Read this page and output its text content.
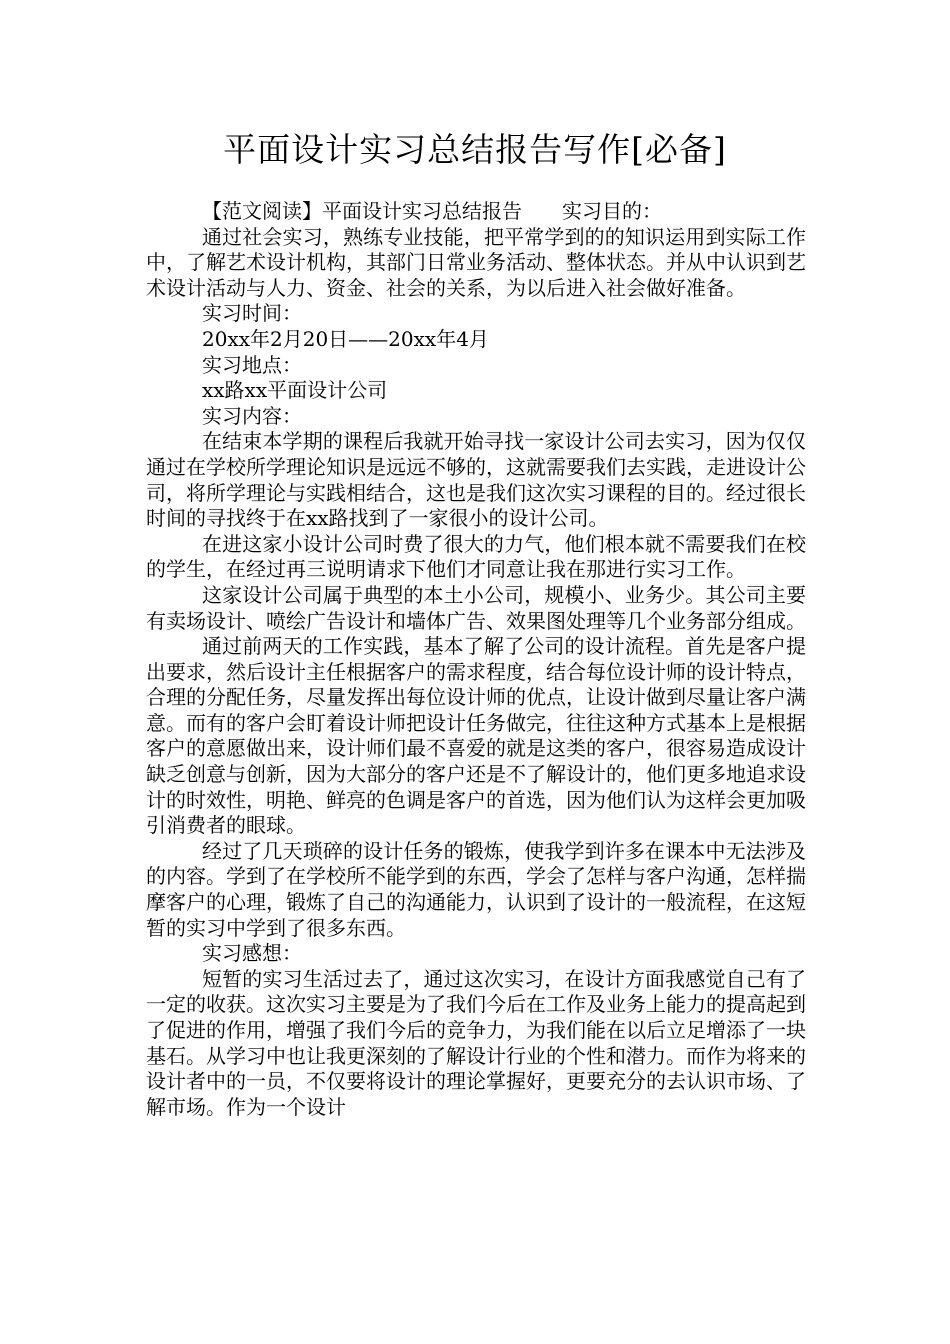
平面设计实习总结报告写作[必备]

【范文阅读】平面设计实习总结报告　　实习目的：

通过社会实习，熟练专业技能，把平常学到的的知识运用到实际工作中，了解艺术设计机构，其部门日常业务活动、整体状态。并从中认识到艺术设计活动与人力、资金、社会的关系，为以后进入社会做好准备。

实习时间：

20xx年2月20日——20xx年4月

实习地点：

xx路xx平面设计公司

实习内容：

在结束本学期的课程后我就开始寻找一家设计公司去实习，因为仅仅通过在学校所学理论知识是远远不够的，这就需要我们去实践，走进设计公司，将所学理论与实践相结合，这也是我们这次实习课程的目的。经过很长时间的寻找终于在xx路找到了一家很小的设计公司。

在进这家小设计公司时费了很大的力气，他们根本就不需要我们在校的学生，在经过再三说明请求下他们才同意让我在那进行实习工作。

这家设计公司属于典型的本土小公司，规模小、业务少。其公司主要有卖场设计、喷绘广告设计和墙体广告、效果图处理等几个业务部分组成。

通过前两天的工作实践，基本了解了公司的设计流程。首先是客户提出要求，然后设计主任根据客户的需求程度，结合每位设计师的设计特点，合理的分配任务，尽量发挥出每位设计师的优点，让设计做到尽量让客户满意。而有的客户会盯着设计师把设计任务做完，往往这种方式基本上是根据客户的意愿做出来，设计师们最不喜爱的就是这类的客户，很容易造成设计缺乏创意与创新，因为大部分的客户还是不了解设计的，他们更多地追求设计的时效性，明艳、鲜亮的色调是客户的首选，因为他们认为这样会更加吸引消费者的眼球。

经过了几天琐碎的设计任务的锻炼，使我学到许多在课本中无法涉及的内容。学到了在学校所不能学到的东西，学会了怎样与客户沟通，怎样揣摩客户的心理，锻炼了自己的沟通能力，认识到了设计的一般流程，在这短暂的实习中学到了很多东西。

实习感想：

短暂的实习生活过去了，通过这次实习，在设计方面我感觉自己有了一定的收获。这次实习主要是为了我们今后在工作及业务上能力的提高起到了促进的作用，增强了我们今后的竞争力，为我们能在以后立足增添了一块基石。从学习中也让我更深刻的了解设计行业的个性和潜力。而作为将来的设计者中的一员，不仅要将设计的理论掌握好，更要充分的去认识市场、了解市场。作为一个设计
